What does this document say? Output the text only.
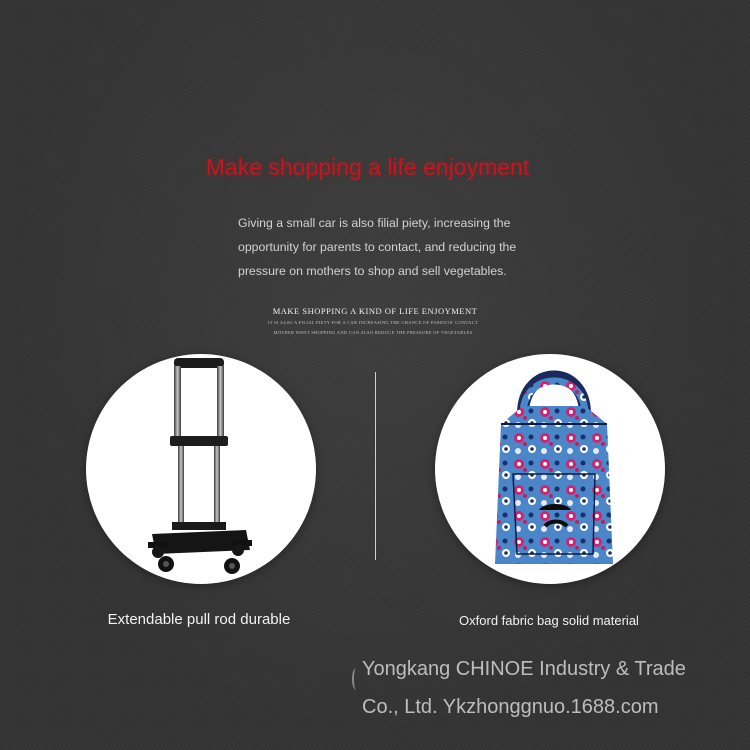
Make shopping a life enjoyment
Giving a small car is also filial piety, increasing the opportunity for parents to contact, and reducing the pressure on mothers to shop and sell vegetables.
MAKE SHOPPING A KIND OF LIFE ENJOYMENT
IT IS ALSO A FILIAL PIETY FOR A CAR INCREASING THE CHANCE OF PARENTS' CONTACT
MOTHER WENT SHOPPING AND CAN ALSO REDUCE THE PRESSURE OF VEGETABLES
Extendable pull rod durable	Oxford fabric bag solid material
Yongkang CHINOE Industry & Trade
Co., Ltd. Ykzhonggnuo.1688.com
